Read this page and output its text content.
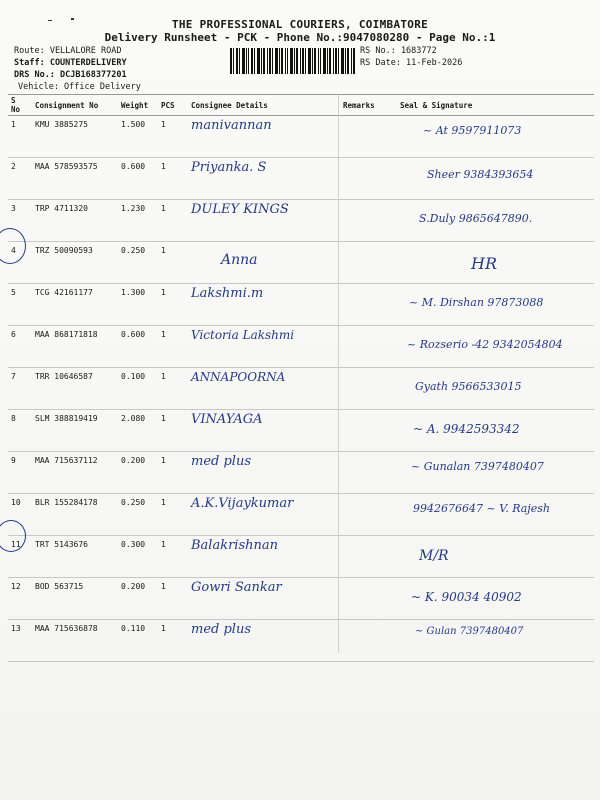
THE PROFESSIONAL COURIERS, COIMBATORE
Delivery Runsheet - PCK - Phone No.:9047080280 - Page No.:1
Route: VELLALORE ROAD
Staff: COUNTERDELIVERY
DRS No.: DCJB168377201
Vehicle: Office Delivery
RS No.: 1683772
RS Date: 11-Feb-2026
S No	Consignment No	Weight	PCS	Consignee Details	Remarks	Seal & Signature
1	KMU 3885275	1.500	1	manivannan		~ At 9597911073
2	MAA 578593575	0.600	1	Priyanka. S		Sheer 9384393654
3	TRP 4711320	1.230	1	DULEY KINGS		S.Duly 9865647890.
4	TRZ 50090593	0.250	1	Anna		HR
5	TCG 42161177	1.300	1	Lakshmi.m		~ M. Dirshan 97873088
6	MAA 868171818	0.600	1	Victoria Lakshmi		~ Rozserio -42 9342054804
7	TRR 10646587	0.100	1	ANNAPOORNA		Gyath 9566533015
8	SLM 388819419	2.080	1	VINAYAGA		~ A. 9942593342
9	MAA 715637112	0.200	1	med plus		~ Gunalan 7397480407
10	BLR 155284178	0.250	1	A.K.Vijaykumar		9942676647 ~ V. Rajesh
11	TRT 5143676	0.300	1	Balakrishnan		M/R
12	BOD 563715	0.200	1	Gowri Sankar		~ K. 90034 40902
13	MAA 715636878	0.110	1	med plus		~ Gulan 7397480407
